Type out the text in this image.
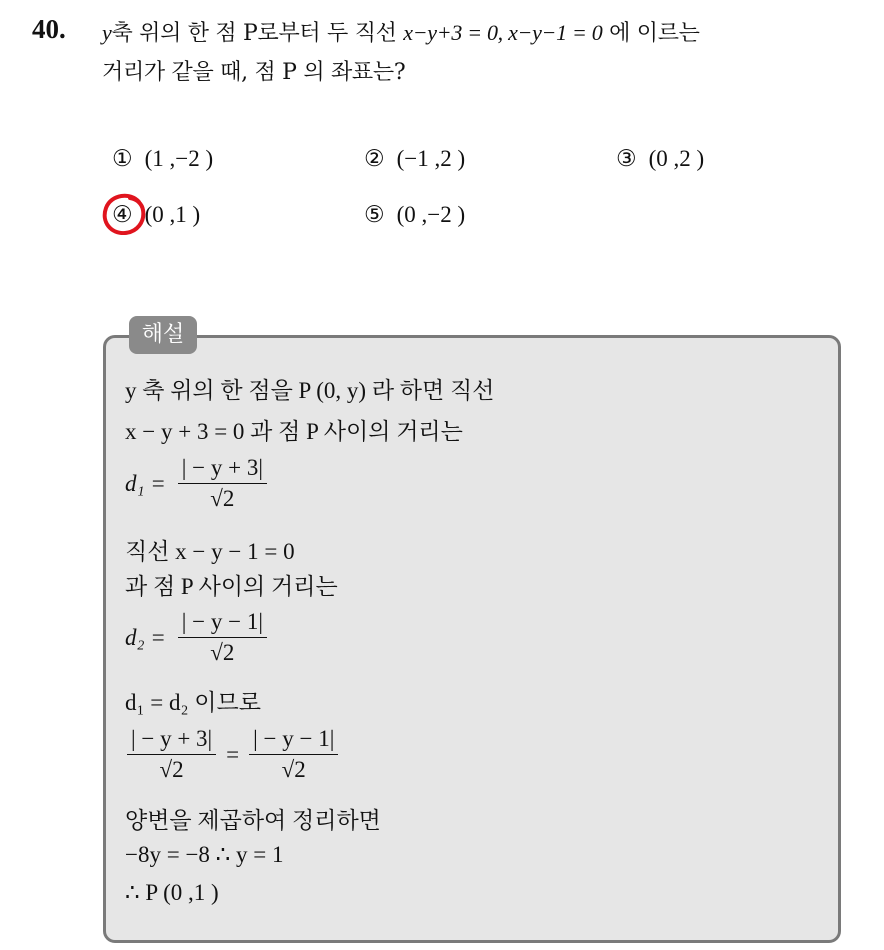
40. y축 위의 한 점 P로부터 두 직선 x−y+3 = 0, x−y−1 = 0 에 이르는
거리가 같을 때, 점 P 의 좌표는?
① (1 ,−2 )	② (−1 ,2 )	③ (0 ,2 )
④ (0 ,1 )	⑤ (0 ,−2 )
해설
y 축 위의 한 점을 P (0, y) 라 하면 직선
x − y + 3 = 0 과 점 P 사이의 거리는
$d_1 = \frac{| - y + 3|}{√2}$
직선 x − y − 1 = 0
과 점 P 사이의 거리는
$d_2 = \frac{| - y - 1|}{√2}$
d₁ = d₂ 이므로
$\frac{| - y + 3|}{√2} = \frac{| - y - 1|}{√2}$
양변을 제곱하여 정리하면
−8y = −8 ∴ y = 1
∴ P (0 ,1 )
